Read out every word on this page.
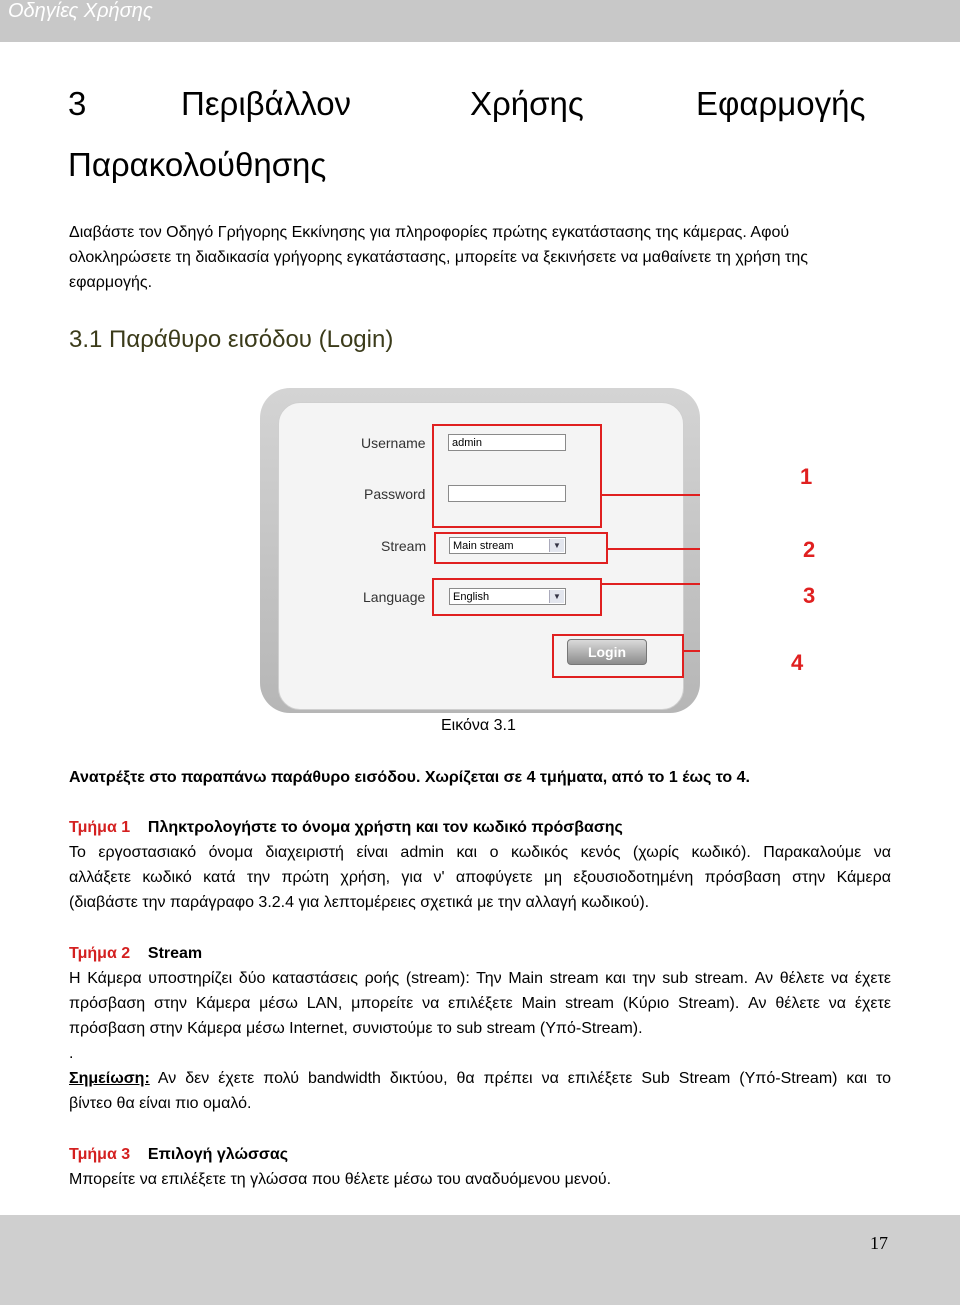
Οδηγίες Χρήσης
3	Περιβάλλον	Χρήσης	Εφαρμογής
Παρακολούθησης
Διαβάστε τον Οδηγό Γρήγορης Εκκίνησης για πληροφορίες πρώτης εγκατάστασης της κάμερας. Αφού
ολοκληρώσετε τη διαδικασία γρήγορης εγκατάστασης, μπορείτε να ξεκινήσετε να μαθαίνετε τη χρήση της
εφαρμογής.
3.1 Παράθυρο εισόδου (Login)
Username	admin
Password
Stream	Main stream	▼
Language	English	▼
Login
1
2
3
4
Εικόνα 3.1
Ανατρέξτε στο παραπάνω παράθυρο εισόδου. Χωρίζεται σε 4 τμήματα, από το 1 έως το 4.
Τμήμα 1 Πληκτρολογήστε το όνομα χρήστη και τον κωδικό πρόσβασης
Το εργοστασιακό όνομα διαχειριστή είναι admin και ο κωδικός κενός (χωρίς κωδικό). Παρακαλούμε να
αλλάξετε κωδικό κατά την πρώτη χρήση, για ν' αποφύγετε μη εξουσιοδοτημένη πρόσβαση στην Κάμερα
(διαβάστε την παράγραφο 3.2.4 για λεπτομέρειες σχετικά με την αλλαγή κωδικού).
Τμήμα 2 Stream
Η Κάμερα υποστηρίζει δύο καταστάσεις ροής (stream): Την Main stream και την sub stream. Αν θέλετε να έχετε
πρόσβαση στην Κάμερα μέσω LAN, μπορείτε να επιλέξετε Main stream (Κύριο Stream). Αν θέλετε να έχετε
πρόσβαση στην Κάμερα μέσω Internet, συνιστούμε το sub stream (Υπό-Stream).
.
Σημείωση: Αν δεν έχετε πολύ bandwidth δικτύου, θα πρέπει να επιλέξετε Sub Stream (Υπό-Stream) και το
βίντεο θα είναι πιο ομαλό.
Τμήμα 3 Επιλογή γλώσσας
Μπορείτε να επιλέξετε τη γλώσσα που θέλετε μέσω του αναδυόμενου μενού.
17
